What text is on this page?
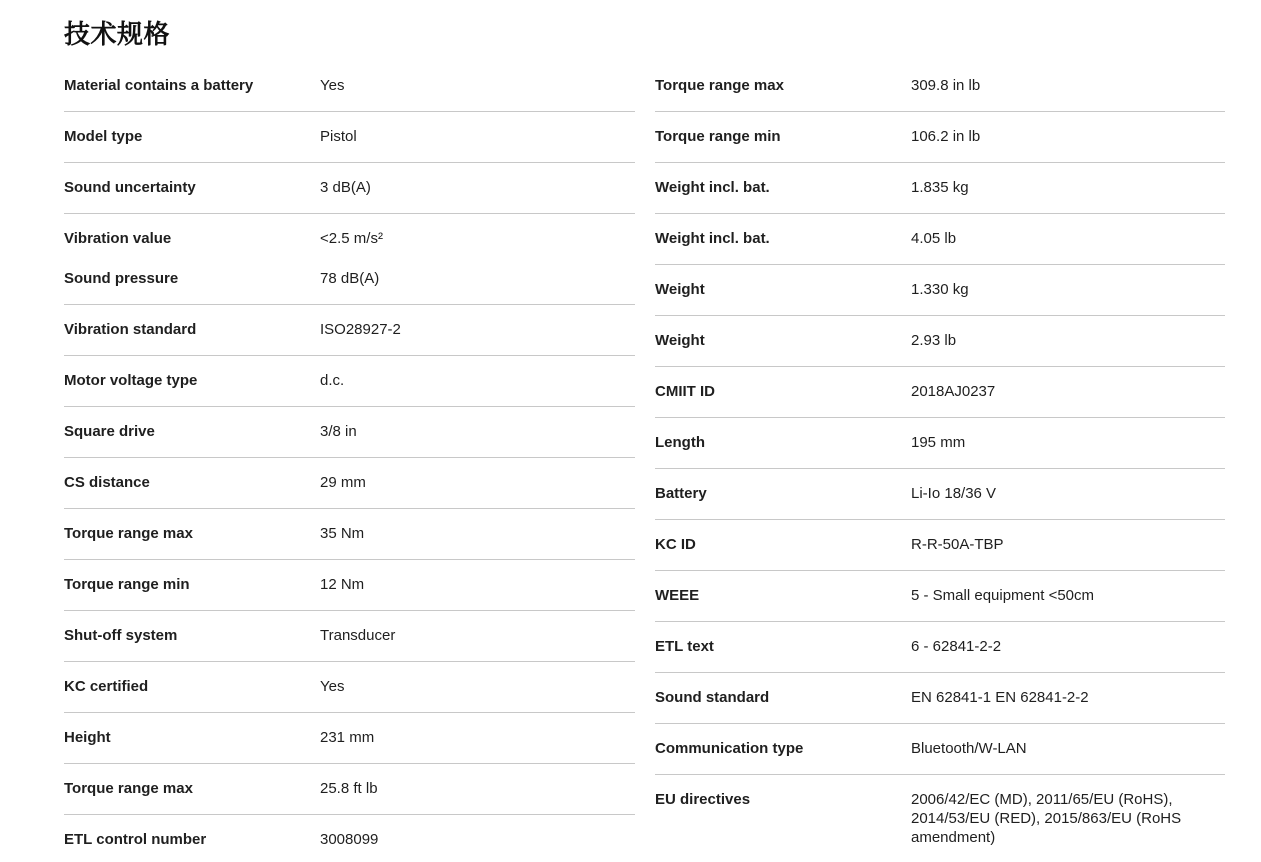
技术规格
Material contains a battery	Yes
Model type	Pistol
Sound uncertainty	3 dB(A)
Vibration value	<2.5 m/s²
Sound pressure	78 dB(A)
Vibration standard	ISO28927-2
Motor voltage type	d.c.
Square drive	3/8 in
CS distance	29 mm
Torque range max	35 Nm
Torque range min	12 Nm
Shut-off system	Transducer
KC certified	Yes
Height	231 mm
Torque range max	25.8 ft lb
ETL control number	3008099
Torque range max	309.8 in lb
Torque range min	106.2 in lb
Weight incl. bat.	1.835 kg
Weight incl. bat.	4.05 lb
Weight	1.330 kg
Weight	2.93 lb
CMIIT ID	2018AJ0237
Length	195 mm
Battery	Li-Io 18/36 V
KC ID	R-R-50A-TBP
WEEE	5 - Small equipment <50cm
ETL text	6 - 62841-2-2
Sound standard	EN 62841-1 EN 62841-2-2
Communication type	Bluetooth/W-LAN
EU directives	2006/42/EC (MD), 2011/65/EU (RoHS), 2014/53/EU (RED), 2015/863/EU (RoHS amendment)
